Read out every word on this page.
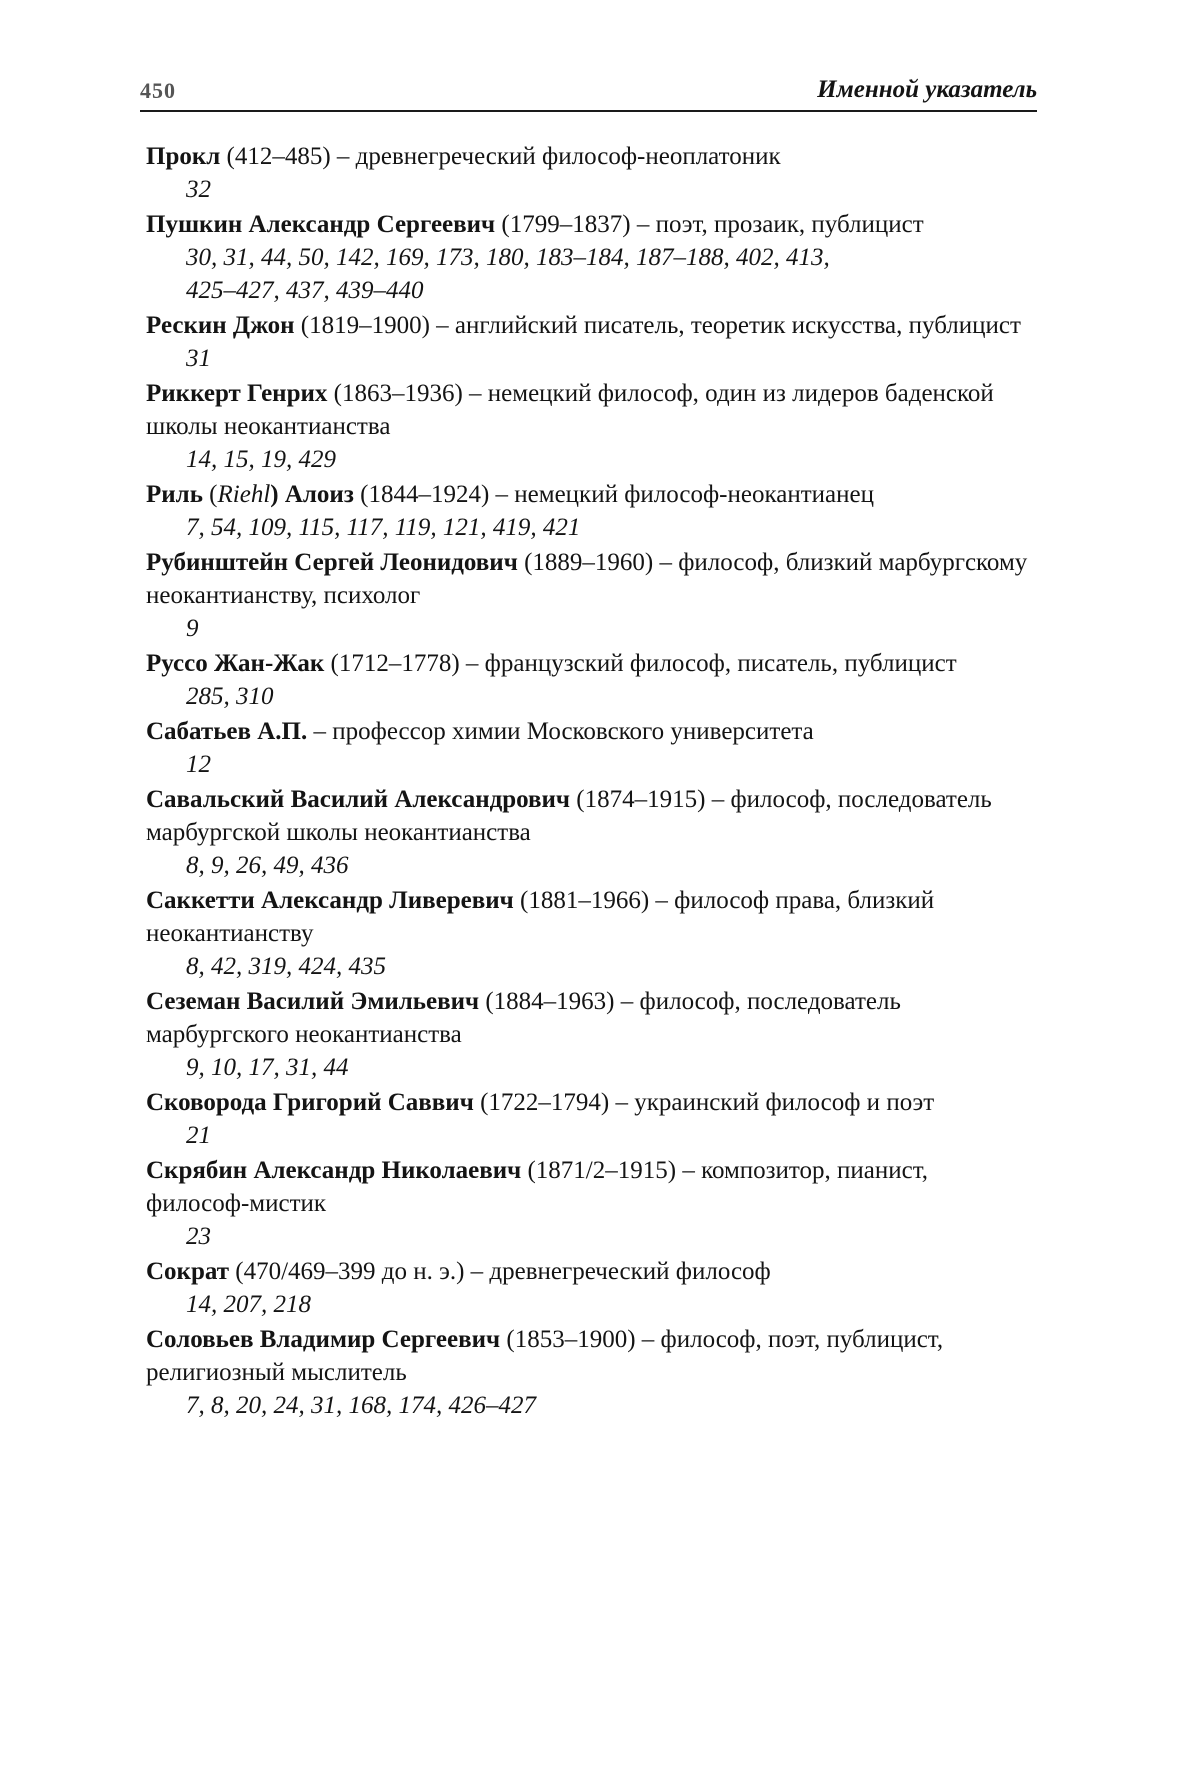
450	Именной указатель
Прокл (412–485) – древнегреческий философ-неоплатоник
32
Пушкин Александр Сергеевич (1799–1837) – поэт, прозаик, публицист
30, 31, 44, 50, 142, 169, 173, 180, 183–184, 187–188, 402, 413,
425–427, 437, 439–440
Рескин Джон (1819–1900) – английский писатель, теоретик искусства, публицист
31
Риккерт Генрих (1863–1936) – немецкий философ, один из лидеров баденской школы неокантианства
14, 15, 19, 429
Риль (Riehl) Алоиз (1844–1924) – немецкий философ-неокантианец
7, 54, 109, 115, 117, 119, 121, 419, 421
Рубинштейн Сергей Леонидович (1889–1960) – философ, близкий марбургскому неокантианству, психолог
9
Руссо Жан-Жак (1712–1778) – французский философ, писатель, публицист
285, 310
Сабатьев А.П. – профессор химии Московского университета
12
Савальский Василий Александрович (1874–1915) – философ, последователь марбургской школы неокантианства
8, 9, 26, 49, 436
Саккетти Александр Ливеревич (1881–1966) – философ права, близкий неокантианству
8, 42, 319, 424, 435
Сеземан Василий Эмильевич (1884–1963) – философ, последователь марбургского неокантианства
9, 10, 17, 31, 44
Сковорода Григорий Саввич (1722–1794) – украинский философ и поэт
21
Скрябин Александр Николаевич (1871/2–1915) – композитор, пианист, философ-мистик
23
Сократ (470/469–399 до н. э.) – древнегреческий философ
14, 207, 218
Соловьев Владимир Сергеевич (1853–1900) – философ, поэт, публицист, религиозный мыслитель
7, 8, 20, 24, 31, 168, 174, 426–427
